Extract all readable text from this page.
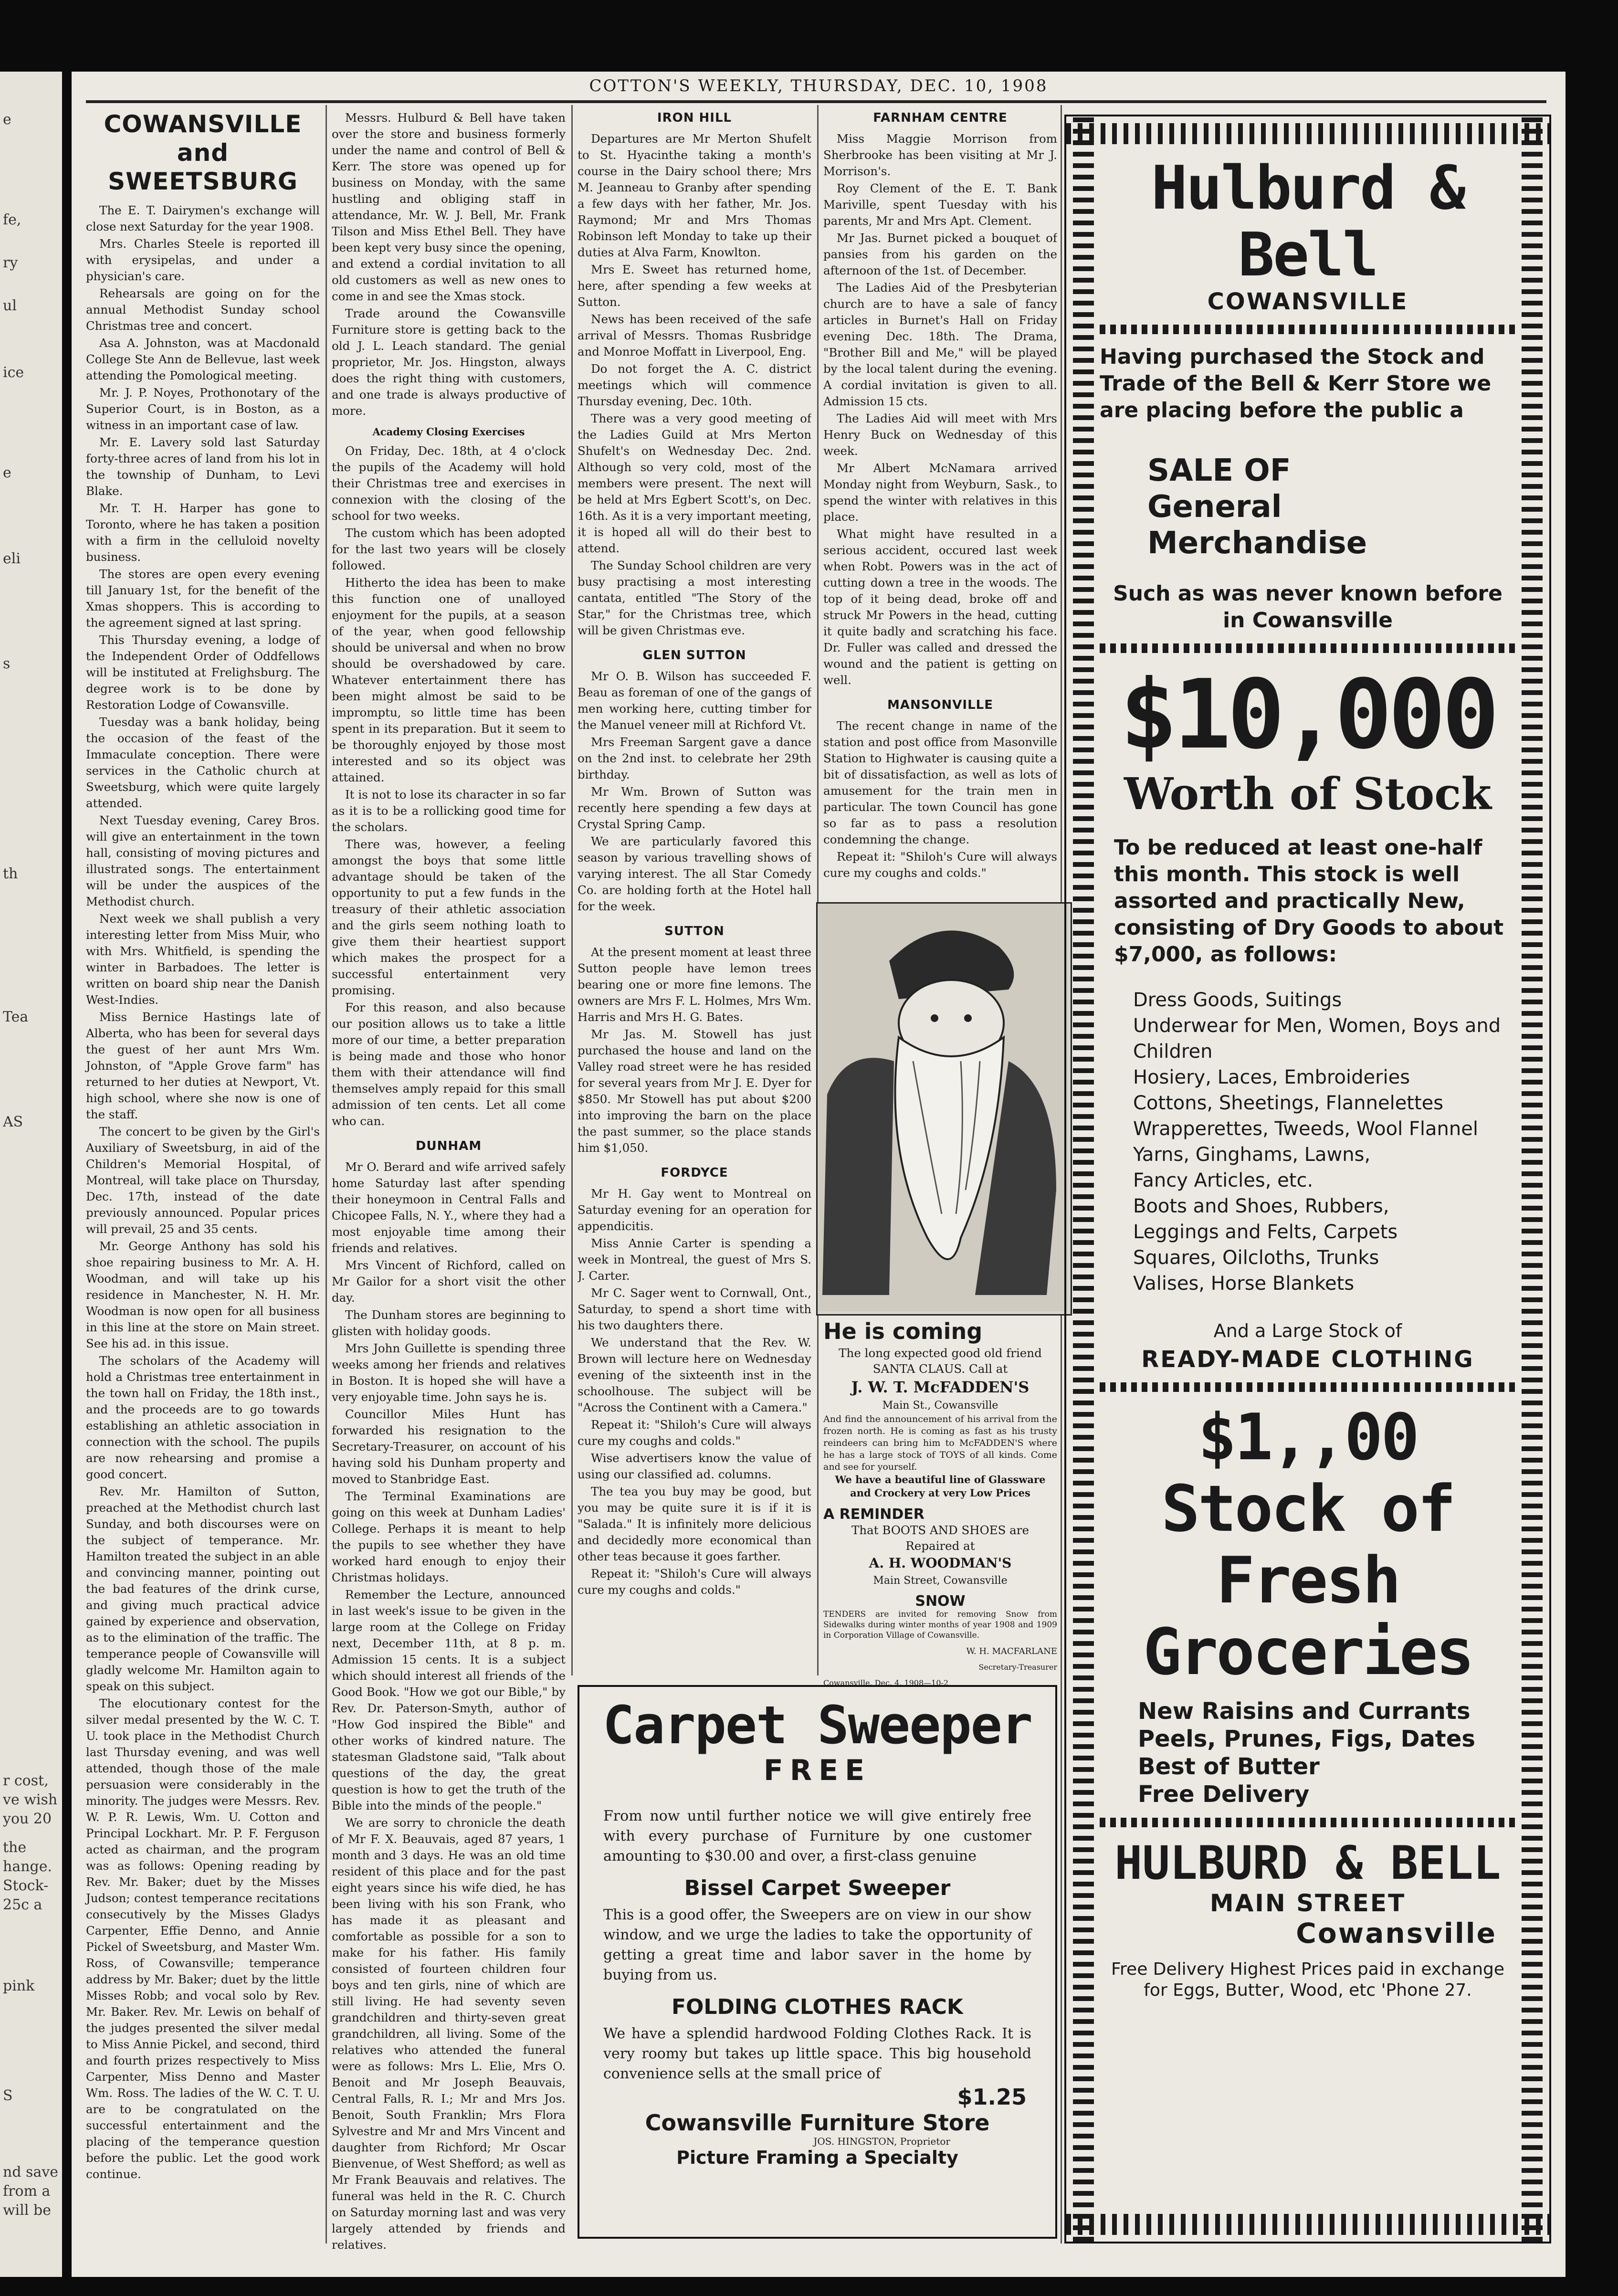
e
fe,
ry
ul
ice
e
eli
s
th
Tea
AS
r cost,
ve wish
you 20
the
hange.
Stock-
25c a
pink
S
nd save
from a
will be
COTTON'S WEEKLY, THURSDAY, DEC. 10, 1908
COWANSVILLE and SWEETSBURG

The E. T. Dairymen's exchange will close next Saturday for the year 1908.

Mrs. Charles Steele is reported ill with erysipelas, and under a physician's care.

Rehearsals are going on for the annual Methodist Sunday school Christmas tree and concert.

Asa A. Johnston, was at Macdonald College Ste Ann de Bellevue, last week attending the Pomological meeting.

Mr. J. P. Noyes, Prothonotary of the Superior Court, is in Boston, as a witness in an important case of law.

Mr. E. Lavery sold last Saturday forty-three acres of land from his lot in the township of Dunham, to Levi Blake.

Mr. T. H. Harper has gone to Toronto, where he has taken a position with a firm in the celluloid novelty business.

The stores are open every evening till January 1st, for the benefit of the Xmas shoppers. This is according to the agreement signed at last spring.

This Thursday evening, a lodge of the Independent Order of Oddfellows will be instituted at Frelighsburg. The degree work is to be done by Restoration Lodge of Cowansville.

Tuesday was a bank holiday, being the occasion of the feast of the Immaculate conception. There were services in the Catholic church at Sweetsburg, which were quite largely attended.

Next Tuesday evening, Carey Bros. will give an entertainment in the town hall, consisting of moving pictures and illustrated songs. The entertainment will be under the auspices of the Methodist church.

Next week we shall publish a very interesting letter from Miss Muir, who with Mrs. Whitfield, is spending the winter in Barbadoes. The letter is written on board ship near the Danish West-Indies.

Miss Bernice Hastings late of Alberta, who has been for several days the guest of her aunt Mrs Wm. Johnston, of "Apple Grove farm" has returned to her duties at Newport, Vt. high school, where she now is one of the staff.

The concert to be given by the Girl's Auxiliary of Sweetsburg, in aid of the Children's Memorial Hospital, of Montreal, will take place on Thursday, Dec. 17th, instead of the date previously announced. Popular prices will prevail, 25 and 35 cents.

Mr. George Anthony has sold his shoe repairing business to Mr. A. H. Woodman, and will take up his residence in Manchester, N. H. Mr. Woodman is now open for all business in this line at the store on Main street. See his ad. in this issue.

The scholars of the Academy will hold a Christmas tree entertainment in the town hall on Friday, the 18th inst., and the proceeds are to go towards establishing an athletic association in connection with the school. The pupils are now rehearsing and promise a good concert.

Rev. Mr. Hamilton of Sutton, preached at the Methodist church last Sunday, and both discourses were on the subject of temperance. Mr. Hamilton treated the subject in an able and convincing manner, pointing out the bad features of the drink curse, and giving much practical advice gained by experience and observation, as to the elimination of the traffic. The temperance people of Cowansville will gladly welcome Mr. Hamilton again to speak on this subject.

The elocutionary contest for the silver medal presented by the W. C. T. U. took place in the Methodist Church last Thursday evening, and was well attended, though those of the male persuasion were considerably in the minority. The judges were Messrs. Rev. W. P. R. Lewis, Wm. U. Cotton and Principal Lockhart. Mr. P. F. Ferguson acted as chairman, and the program was as follows: Opening reading by Rev. Mr. Baker; duet by the Misses Judson; contest temperance recitations consecutively by the Misses Gladys Carpenter, Effie Denno, and Annie Pickel of Sweetsburg, and Master Wm. Ross, of Cowansville; temperance address by Mr. Baker; duet by the little Misses Robb; and vocal solo by Rev. Mr. Baker. Rev. Mr. Lewis on behalf of the judges presented the silver medal to Miss Annie Pickel, and second, third and fourth prizes respectively to Miss Carpenter, Miss Denno and Master Wm. Ross. The ladies of the W. C. T. U. are to be congratulated on the successful entertainment and the placing of the temperance question before the public. Let the good work continue.

Messrs. Hulburd & Bell have taken over the store and business formerly under the name and control of Bell & Kerr. The store was opened up for business on Monday, with the same hustling and obliging staff in attendance, Mr. W. J. Bell, Mr. Frank Tilson and Miss Ethel Bell. They have been kept very busy since the opening, and extend a cordial invitation to all old customers as well as new ones to come in and see the Xmas stock.

Trade around the Cowansville Furniture store is getting back to the old J. L. Leach standard. The genial proprietor, Mr. Jos. Hingston, always does the right thing with customers, and one trade is always productive of more.

Academy Closing Exercises

On Friday, Dec. 18th, at 4 o'clock the pupils of the Academy will hold their Christmas tree and exercises in connexion with the closing of the school for two weeks.

The custom which has been adopted for the last two years will be closely followed.

Hitherto the idea has been to make this function one of unalloyed enjoyment for the pupils, at a season of the year, when good fellowship should be universal and when no brow should be overshadowed by care. Whatever entertainment there has been might almost be said to be impromptu, so little time has been spent in its preparation. But it seem to be thoroughly enjoyed by those most interested and so its object was attained.

It is not to lose its character in so far as it is to be a rollicking good time for the scholars.

There was, however, a feeling amongst the boys that some little advantage should be taken of the opportunity to put a few funds in the treasury of their athletic association and the girls seem nothing loath to give them their heartiest support which makes the prospect for a successful entertainment very promising.

For this reason, and also because our position allows us to take a little more of our time, a better preparation is being made and those who honor them with their attendance will find themselves amply repaid for this small admission of ten cents. Let all come who can.

DUNHAM

Mr O. Berard and wife arrived safely home Saturday last after spending their honeymoon in Central Falls and Chicopee Falls, N. Y., where they had a most enjoyable time among their friends and relatives.

Mrs Vincent of Richford, called on Mr Gailor for a short visit the other day.

The Dunham stores are beginning to glisten with holiday goods.

Mrs John Guillette is spending three weeks among her friends and relatives in Boston. It is hoped she will have a very enjoyable time. John says he is.

Councillor Miles Hunt has forwarded his resignation to the Secretary-Treasurer, on account of his having sold his Dunham property and moved to Stanbridge East.

The Terminal Examinations are going on this week at Dunham Ladies' College. Perhaps it is meant to help the pupils to see whether they have worked hard enough to enjoy their Christmas holidays.

Remember the Lecture, announced in last week's issue to be given in the large room at the College on Friday next, December 11th, at 8 p. m. Admission 15 cents. It is a subject which should interest all friends of the Good Book. "How we got our Bible," by Rev. Dr. Paterson-Smyth, author of "How God inspired the Bible" and other works of kindred nature. The statesman Gladstone said, "Talk about questions of the day, the great question is how to get the truth of the Bible into the minds of the people."

We are sorry to chronicle the death of Mr F. X. Beauvais, aged 87 years, 1 month and 3 days. He was an old time resident of this place and for the past eight years since his wife died, he has been living with his son Frank, who has made it as pleasant and comfortable as possible for a son to make for his father. His family consisted of fourteen children four boys and ten girls, nine of which are still living. He had seventy seven grandchildren and thirty-seven great grandchildren, all living. Some of the relatives who attended the funeral were as follows: Mrs L. Elie, Mrs O. Benoit and Mr Joseph Beauvais, Central Falls, R. I.; Mr and Mrs Jos. Benoit, South Franklin; Mrs Flora Sylvestre and Mr and Mrs Vincent and daughter from Richford; Mr Oscar Bienvenue, of West Shefford; as well as Mr Frank Beauvais and relatives. The funeral was held in the R. C. Church on Saturday morning last and was very largely attended by friends and relatives.

IRON HILL

Departures are Mr Merton Shufelt to St. Hyacinthe taking a month's course in the Dairy school there; Mrs M. Jeanneau to Granby after spending a few days with her father, Mr. Jos. Raymond; Mr and Mrs Thomas Robinson left Monday to take up their duties at Alva Farm, Knowlton.

Mrs E. Sweet has returned home, here, after spending a few weeks at Sutton.

News has been received of the safe arrival of Messrs. Thomas Rusbridge and Monroe Moffatt in Liverpool, Eng.

Do not forget the A. C. district meetings which will commence Thursday evening, Dec. 10th.

There was a very good meeting of the Ladies Guild at Mrs Merton Shufelt's on Wednesday Dec. 2nd. Although so very cold, most of the members were present. The next will be held at Mrs Egbert Scott's, on Dec. 16th. As it is a very important meeting, it is hoped all will do their best to attend.

The Sunday School children are very busy practising a most interesting cantata, entitled "The Story of the Star," for the Christmas tree, which will be given Christmas eve.

GLEN SUTTON

Mr O. B. Wilson has succeeded F. Beau as foreman of one of the gangs of men working here, cutting timber for the Manuel veneer mill at Richford Vt.

Mrs Freeman Sargent gave a dance on the 2nd inst. to celebrate her 29th birthday.

Mr Wm. Brown of Sutton was recently here spending a few days at Crystal Spring Camp.

We are particularly favored this season by various travelling shows of varying interest. The all Star Comedy Co. are holding forth at the Hotel hall for the week.

SUTTON

At the present moment at least three Sutton people have lemon trees bearing one or more fine lemons. The owners are Mrs F. L. Holmes, Mrs Wm. Harris and Mrs H. G. Bates.

Mr Jas. M. Stowell has just purchased the house and land on the Valley road street were he has resided for several years from Mr J. E. Dyer for $850. Mr Stowell has put about $200 into improving the barn on the place the past summer, so the place stands him $1,050.

FORDYCE

Mr H. Gay went to Montreal on Saturday evening for an operation for appendicitis.

Miss Annie Carter is spending a week in Montreal, the guest of Mrs S. J. Carter.

Mr C. Sager went to Cornwall, Ont., Saturday, to spend a short time with his two daughters there.

We understand that the Rev. W. Brown will lecture here on Wednesday evening of the sixteenth inst in the schoolhouse. The subject will be "Across the Continent with a Camera."

Repeat it: "Shiloh's Cure will always cure my coughs and colds."

Wise advertisers know the value of using our classified ad. columns.

The tea you buy may be good, but you may be quite sure it is if it is "Salada." It is infinitely more delicious and decidedly more economical than other teas because it goes farther.

Repeat it: "Shiloh's Cure will always cure my coughs and colds."

FARNHAM CENTRE

Miss Maggie Morrison from Sherbrooke has been visiting at Mr J. Morrison's.

Roy Clement of the E. T. Bank Mariville, spent Tuesday with his parents, Mr and Mrs Apt. Clement.

Mr Jas. Burnet picked a bouquet of pansies from his garden on the afternoon of the 1st. of December.

The Ladies Aid of the Presbyterian church are to have a sale of fancy articles in Burnet's Hall on Friday evening Dec. 18th. The Drama, "Brother Bill and Me," will be played by the local talent during the evening. A cordial invitation is given to all. Admission 15 cts.

The Ladies Aid will meet with Mrs Henry Buck on Wednesday of this week.

Mr Albert McNamara arrived Monday night from Weyburn, Sask., to spend the winter with relatives in this place.

What might have resulted in a serious accident, occured last week when Robt. Powers was in the act of cutting down a tree in the woods. The top of it being dead, broke off and struck Mr Powers in the head, cutting it quite badly and scratching his face. Dr. Fuller was called and dressed the wound and the patient is getting on well.

MANSONVILLE

The recent change in name of the station and post office from Masonville Station to Highwater is causing quite a bit of dissatisfaction, as well as lots of amusement for the train men in particular. The town Council has gone so far as to pass a resolution condemning the change.

Repeat it: "Shiloh's Cure will always cure my coughs and colds."

He is coming
The long expected good old friend SANTA CLAUS. Call at
J. W. T. McFADDEN'S
Main St., Cowansville
And find the announcement of his arrival from the frozen north. He is coming as fast as his trusty reindeers can bring him to McFADDEN'S where he has a large stock of TOYS of all kinds. Come and see for yourself.
We have a beautiful line of Glassware and Crockery at very Low Prices
A REMINDER
That BOOTS AND SHOES are Repaired at
A. H. WOODMAN'S
Main Street, Cowansville
SNOW
TENDERS are invited for removing Snow from Sidewalks during winter months of year 1908 and 1909 in Corporation Village of Cowansville.
W. H. MACFARLANE
Secretary-Treasurer
Cowansville, Dec. 4, 1908—10-2
Carpet Sweeper
FREE
From now until further notice we will give entirely free with every purchase of Furniture by one customer amounting to $30.00 and over, a first-class genuine
Bissel Carpet Sweeper
This is a good offer, the Sweepers are on view in our show window, and we urge the ladies to take the opportunity of getting a great time and labor saver in the home by buying from us.
FOLDING CLOTHES RACK
We have a splendid hardwood Folding Clothes Rack. It is very roomy but takes up little space. This big household convenience sells at the small price of
$1.25
Cowansville Furniture Store
JOS. HINGSTON, Proprietor
Picture Framing a Specialty
Hulburd & Bell
COWANSVILLE
Having purchased the Stock and Trade of the Bell & Kerr Store we are placing before the public a
SALE OF
General
Merchandise
Such as was never known before in Cowansville
$10,000
Worth of Stock
To be reduced at least one-half this month. This stock is well assorted and practically New, consisting of Dry Goods to about $7,000, as follows:
Dress Goods, Suitings
Underwear for Men, Women, Boys and Children
Hosiery, Laces, Embroideries
Cottons, Sheetings, Flannelettes
Wrapperettes, Tweeds, Wool Flannel
Yarns, Ginghams, Lawns,
Fancy Articles, etc.
Boots and Shoes, Rubbers,
Leggings and Felts, Carpets
Squares, Oilcloths, Trunks
Valises, Horse Blankets
And a Large Stock of
READY-MADE CLOTHING
$1,,00 Stock of
Fresh Groceries
New Raisins and Currants
Peels, Prunes, Figs, Dates
Best of Butter
Free Delivery
HULBURD & BELL
MAIN STREET
Cowansville
Free Delivery Highest Prices paid in exchange for Eggs, Butter, Wood, etc 'Phone 27.
